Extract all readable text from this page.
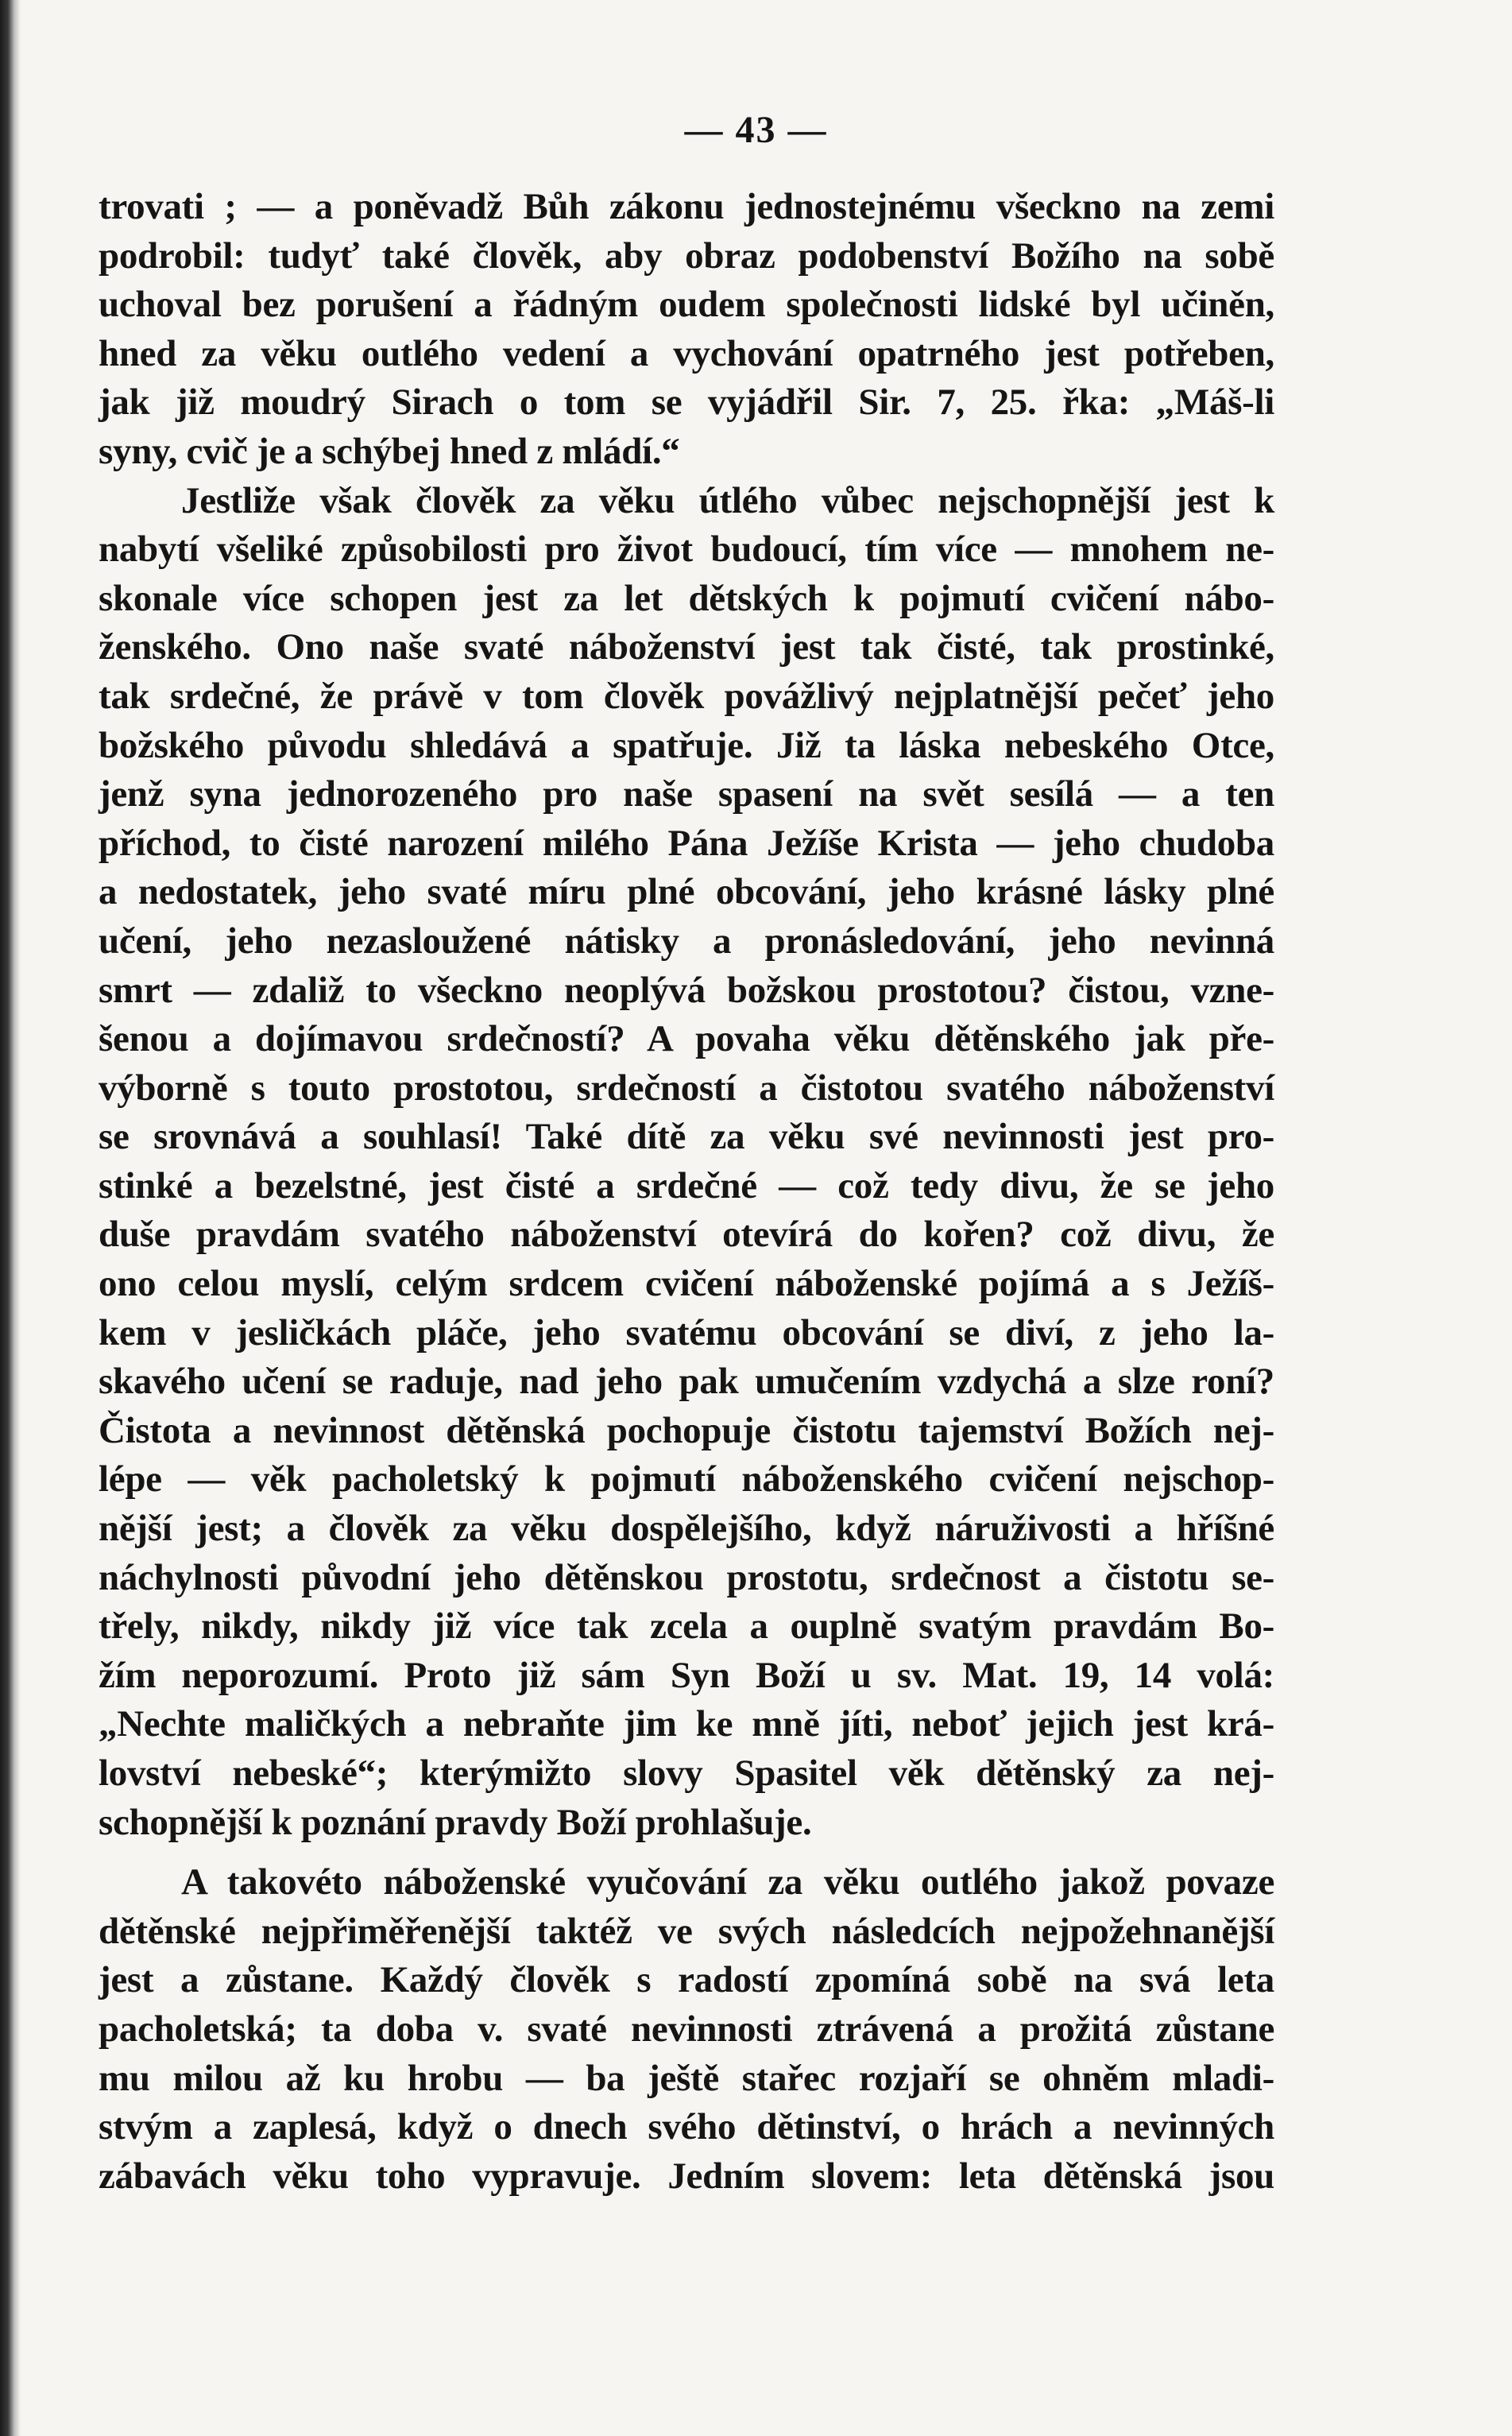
— 43 —
trovati ; — a poněvadž Bůh zákonu jednostejnému všeckno na zemi
podrobil: tudyť také člověk, aby obraz podobenství Božího na sobě
uchoval bez porušení a řádným oudem společnosti lidské byl učiněn,
hned za věku outlého vedení a vychování opatrného jest potřeben,
jak již moudrý Sirach o tom se vyjádřil Sir. 7, 25. řka: „Máš-li
syny, cvič je a schýbej hned z mládí.“
Jestliže však člověk za věku útlého vůbec nejschopnější jest k
nabytí všeliké způsobilosti pro život budoucí, tím více — mnohem ne-
skonale více schopen jest za let dětských k pojmutí cvičení nábo-
ženského. Ono naše svaté náboženství jest tak čisté, tak prostinké,
tak srdečné, že právě v tom člověk povážlivý nejplatnější pečeť jeho
božského původu shledává a spatřuje. Již ta láska nebeského Otce,
jenž syna jednorozeného pro naše spasení na svět sesílá — a ten
příchod, to čisté narození milého Pána Ježíše Krista — jeho chudoba
a nedostatek, jeho svaté míru plné obcování, jeho krásné lásky plné
učení, jeho nezasloužené nátisky a pronásledování, jeho nevinná
smrt — zdaliž to všeckno neoplývá božskou prostotou? čistou, vzne-
šenou a dojímavou srdečností? A povaha věku dětěnského jak pře-
výborně s touto prostotou, srdečností a čistotou svatého náboženství
se srovnává a souhlasí! Také dítě za věku své nevinnosti jest pro-
stinké a bezelstné, jest čisté a srdečné — což tedy divu, že se jeho
duše pravdám svatého náboženství otevírá do kořen? což divu, že
ono celou myslí, celým srdcem cvičení náboženské pojímá a s Ježíš-
kem v jesličkách pláče, jeho svatému obcování se diví, z jeho la-
skavého učení se raduje, nad jeho pak umučením vzdychá a slze roní?
Čistota a nevinnost dětěnská pochopuje čistotu tajemství Božích nej-
lépe — věk pacholetský k pojmutí náboženského cvičení nejschop-
nější jest; a člověk za věku dospělejšího, když náruživosti a hříšné
náchylnosti původní jeho dětěnskou prostotu, srdečnost a čistotu se-
třely, nikdy, nikdy již více tak zcela a ouplně svatým pravdám Bo-
žím neporozumí. Proto již sám Syn Boží u sv. Mat. 19, 14 volá:
„Nechte maličkých a nebraňte jim ke mně jíti, neboť jejich jest krá-
lovství nebeské“; kterýmižto slovy Spasitel věk dětěnský za nej-
schopnější k poznání pravdy Boží prohlašuje.
A takovéto náboženské vyučování za věku outlého jakož povaze
dětěnské nejpřiměřenější taktéž ve svých následcích nejpožehnanější
jest a zůstane. Každý člověk s radostí zpomíná sobě na svá leta
pacholetská; ta doba v. svaté nevinnosti ztrávená a prožitá zůstane
mu milou až ku hrobu — ba ještě stařec rozjaří se ohněm mladi-
stvým a zaplesá, když o dnech svého dětinství, o hrách a nevinných
zábavách věku toho vypravuje. Jedním slovem: leta dětěnská jsou
